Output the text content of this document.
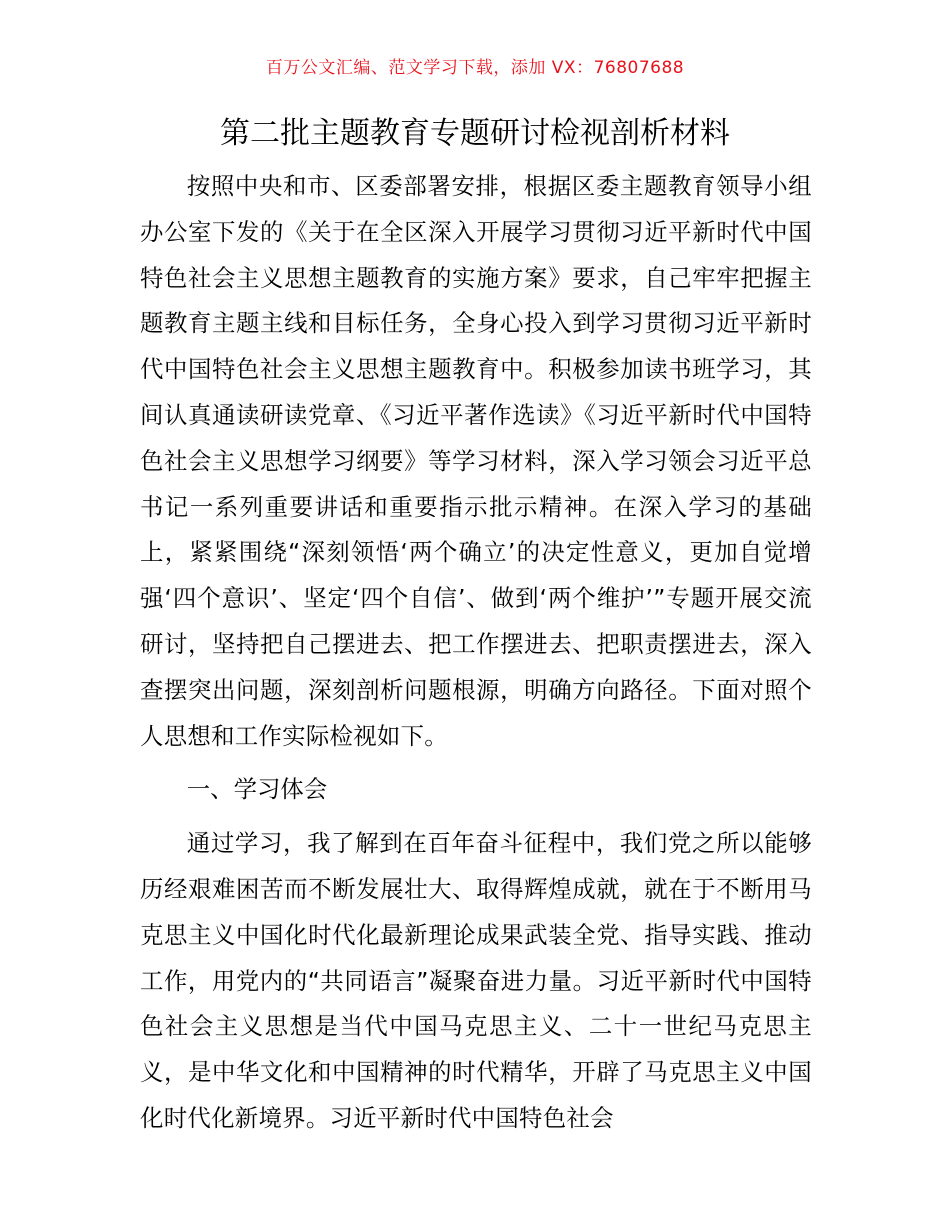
百万公文汇编、范文学习下载，添加 VX：76807688
第二批主题教育专题研讨检视剖析材料

按照中央和市、区委部署安排，根据区委主题教育领导小组办公室下发的《关于在全区深入开展学习贯彻习近平新时代中国特色社会主义思想主题教育的实施方案》要求，自己牢牢把握主题教育主题主线和目标任务，全身心投入到学习贯彻习近平新时代中国特色社会主义思想主题教育中。积极参加读书班学习，其间认真通读研读党章、《习近平著作选读》《习近平新时代中国特色社会主义思想学习纲要》等学习材料，深入学习领会习近平总书记一系列重要讲话和重要指示批示精神。在深入学习的基础上，紧紧围绕“深刻领悟‘两个确立’的决定性意义，更加自觉增强‘四个意识’、坚定‘四个自信’、做到‘两个维护’”专题开展交流研讨，坚持把自己摆进去、把工作摆进去、把职责摆进去，深入查摆突出问题，深刻剖析问题根源，明确方向路径。下面对照个人思想和工作实际检视如下。

一、学习体会

通过学习，我了解到在百年奋斗征程中，我们党之所以能够历经艰难困苦而不断发展壮大、取得辉煌成就，就在于不断用马克思主义中国化时代化最新理论成果武装全党、指导实践、推动工作，用党内的“共同语言”凝聚奋进力量。习近平新时代中国特色社会主义思想是当代中国马克思主义、二十一世纪马克思主义，是中华文化和中国精神的时代精华，开辟了马克思主义中国化时代化新境界。习近平新时代中国特色社会
